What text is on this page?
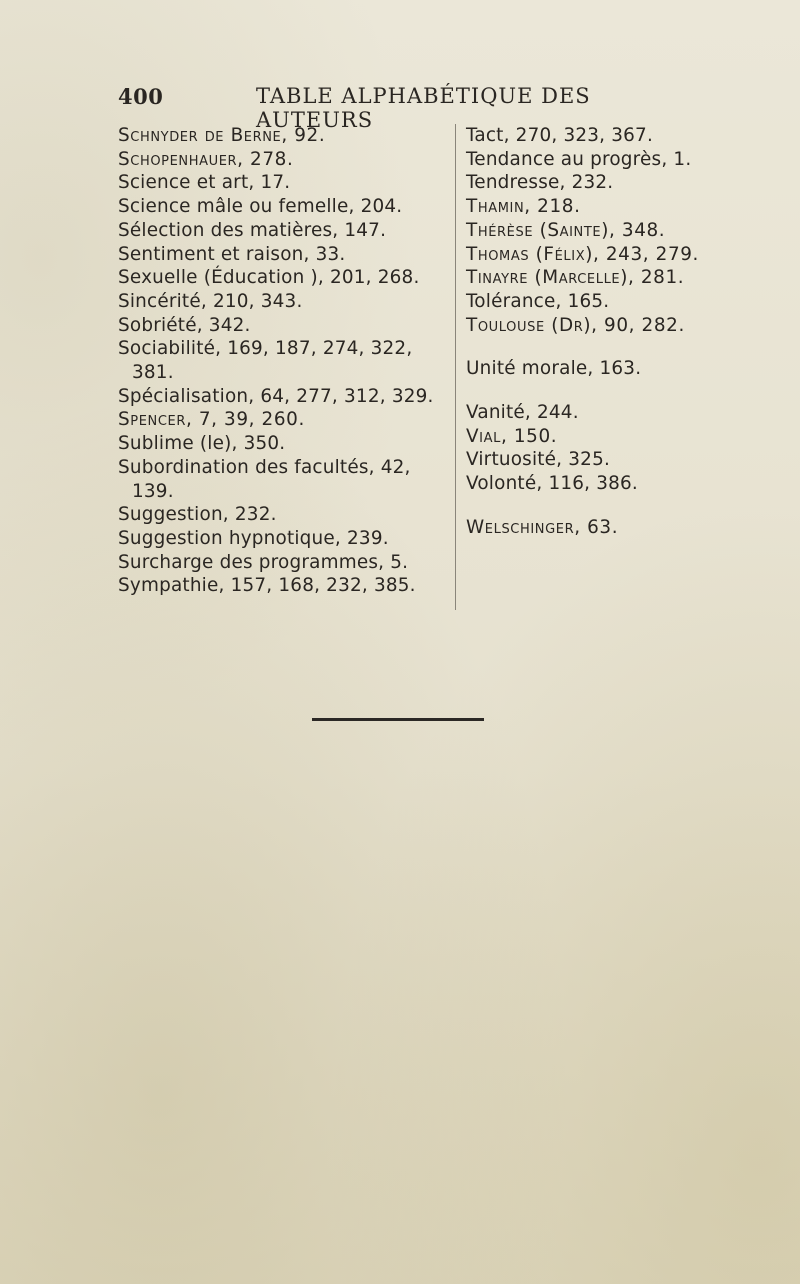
400	TABLE ALPHABÉTIQUE DES AUTEURS
Schnyder de Berne, 92.
Schopenhauer, 278.
Science et art, 17.
Science mâle ou femelle, 204.
Sélection des matières, 147.
Sentiment et raison, 33.
Sexuelle (Éducation ), 201, 268.
Sincérité, 210, 343.
Sobriété, 342.
Sociabilité, 169, 187, 274, 322,
381.
Spécialisation, 64, 277, 312, 329.
Spencer, 7, 39, 260.
Sublime (le), 350.
Subordination des facultés, 42,
139.
Suggestion, 232.
Suggestion hypnotique, 239.
Surcharge des programmes, 5.
Sympathie, 157, 168, 232, 385.
Tact, 270, 323, 367.
Tendance au progrès, 1.
Tendresse, 232.
Thamin, 218.
Thérèse (Sainte), 348.
Thomas (Félix), 243, 279.
Tinayre (Marcelle), 281.
Tolérance, 165.
Toulouse (Dr), 90, 282.
Unité morale, 163.
Vanité, 244.
Vial, 150.
Virtuosité, 325.
Volonté, 116, 386.
Welschinger, 63.
